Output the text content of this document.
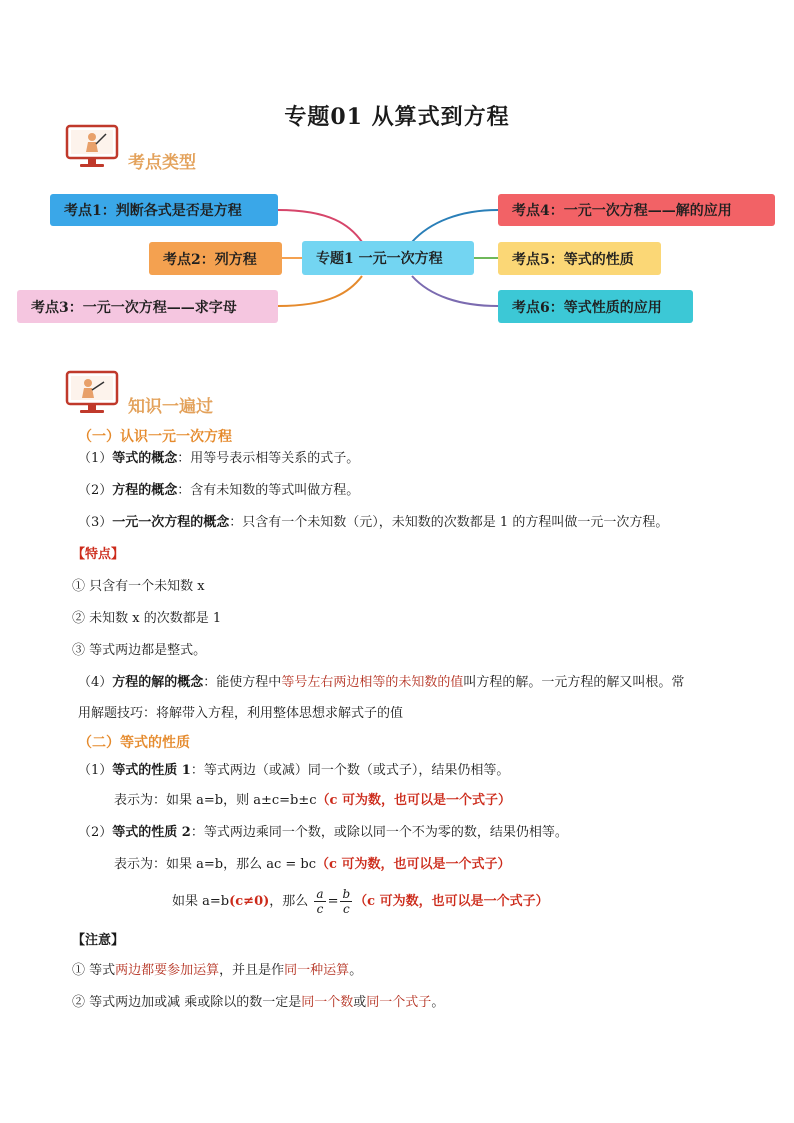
专题01 从算式到方程
考点类型
考点1：判断各式是否是方程
考点2：列方程
考点3：一元一次方程——求字母
专题1 一元一次方程
考点4：一元一次方程——解的应用
考点5：等式的性质
考点6：等式性质的应用
知识一遍过
（一）认识一元一次方程
（1）等式的概念：用等号表示相等关系的式子。
（2）方程的概念：含有未知数的等式叫做方程。
（3）一元一次方程的概念：只含有一个未知数（元），未知数的次数都是 1 的方程叫做一元一次方程。
【特点】
① 只含有一个未知数 x
② 未知数 x 的次数都是 1
③ 等式两边都是整式。
（4）方程的解的概念：能使方程中等号左右两边相等的未知数的值叫方程的解。一元方程的解又叫根。常
用解题技巧：将解带入方程，利用整体思想求解式子的值
（二）等式的性质
（1）等式的性质 1：等式两边（或减）同一个数（或式子），结果仍相等。
表示为：如果 a=b，则 a±c=b±c（c 可为数，也可以是一个式子）
（2）等式的性质 2：等式两边乘同一个数，或除以同一个不为零的数，结果仍相等。
表示为：如果 a=b，那么 ac = bc（c 可为数，也可以是一个式子）
如果 a=b(c≠0)，那么 $\frac{a}{c} = \frac{b}{c} (c$ 可为数，也可以是一个式子）
【注意】
① 等式两边都要参加运算，并且是作同一种运算。
② 等式两边加或减 乘或除以的数一定是同一个数或同一个式子。
